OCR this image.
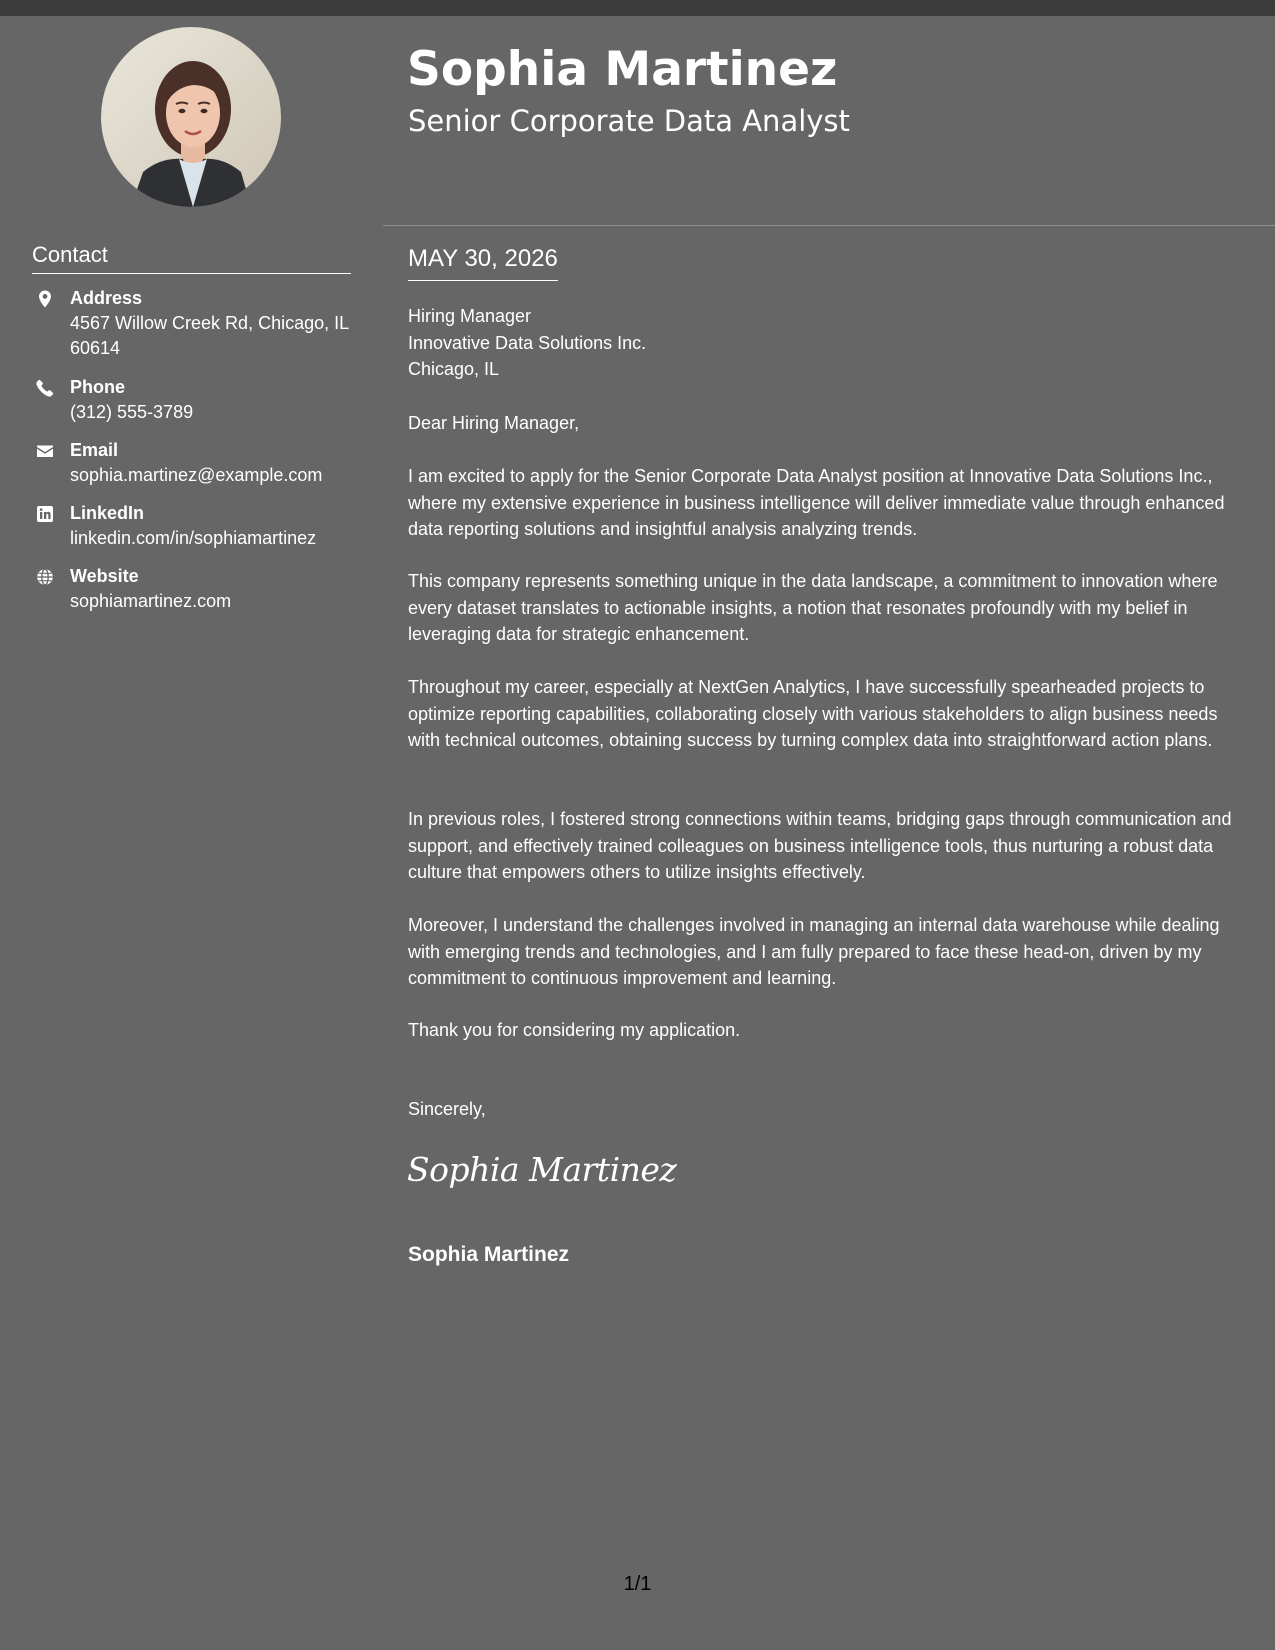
Contact
Address
4567 Willow Creek Rd, Chicago, IL 60614
Phone
(312) 555-3789
Email
sophia.martinez@example.com
LinkedIn
linkedin.com/in/sophiamartinez
Website
sophiamartinez.com
Sophia Martinez
Senior Corporate Data Analyst
MAY 30, 2026
Hiring Manager
Innovative Data Solutions Inc.
Chicago, IL

Dear Hiring Manager,

I am excited to apply for the Senior Corporate Data Analyst position at Innovative Data Solutions Inc., where my extensive experience in business intelligence will deliver immediate value through enhanced data reporting solutions and insightful analysis analyzing trends.

This company represents something unique in the data landscape, a commitment to innovation where every dataset translates to actionable insights, a notion that resonates profoundly with my belief in leveraging data for strategic enhancement.

Throughout my career, especially at NextGen Analytics, I have successfully spearheaded projects to optimize reporting capabilities, collaborating closely with various stakeholders to align business needs with technical outcomes, obtaining success by turning complex data into straightforward action plans.

In previous roles, I fostered strong connections within teams, bridging gaps through communication and support, and effectively trained colleagues on business intelligence tools, thus nurturing a robust data culture that empowers others to utilize insights effectively.

Moreover, I understand the challenges involved in managing an internal data warehouse while dealing with emerging trends and technologies, and I am fully prepared to face these head-on, driven by my commitment to continuous improvement and learning.

Thank you for considering my application.

Sincerely,

Sophia Martinez
Sophia Martinez
1/1
